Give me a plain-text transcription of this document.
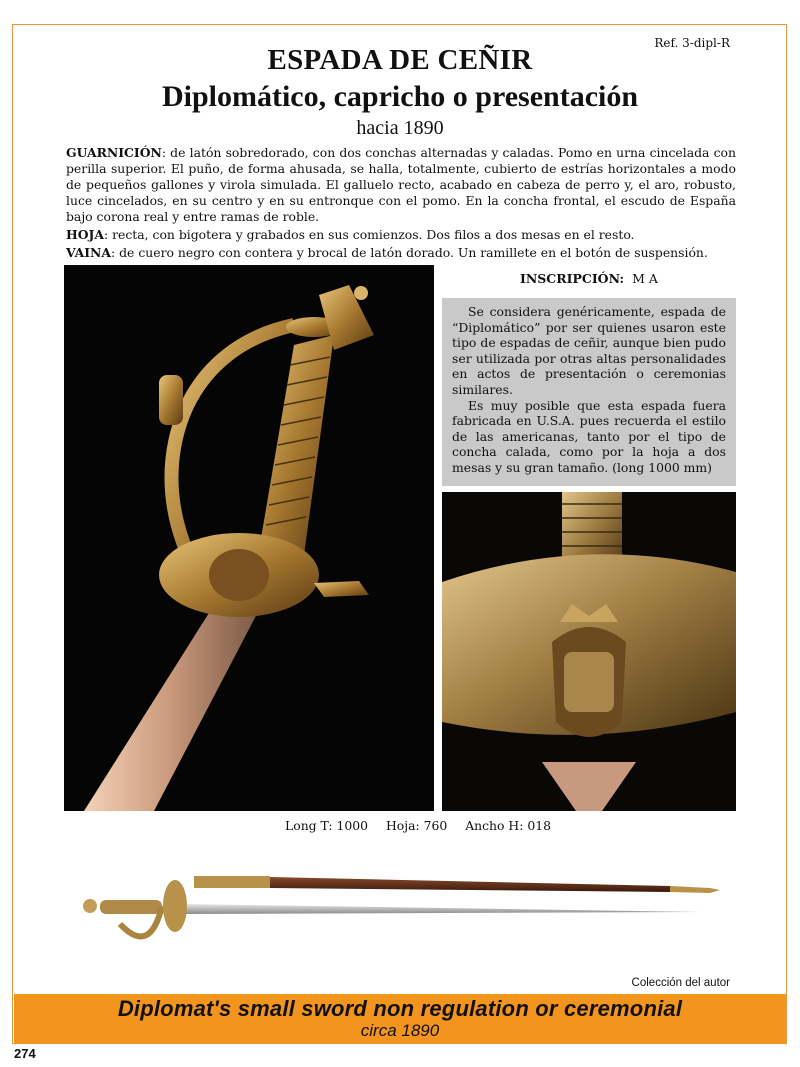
Ref. 3-dipl-R
ESPADA DE CEÑIR
Diplomático, capricho o presentación
hacia 1890

GUARNICIÓN: de latón sobredorado, con dos conchas alternadas y caladas. Pomo en urna cincelada con perilla superior. El puño, de forma ahusada, se halla, totalmente, cubierto de estrías horizontales a modo de pequeños gallones y virola simulada. El galluelo recto, acabado en cabeza de perro y, el aro, robusto, luce cincelados, en su centro y en su entronque con el pomo. En la concha frontal, el escudo de España bajo corona real y entre ramas de roble.

HOJA: recta, con bigotera y grabados en sus comienzos. Dos filos a dos mesas en el resto.

VAINA: de cuero negro con contera y brocal de latón dorado. Un ramillete en el botón de suspensión.

INSCRIPCIÓN: M A

Se considera genéricamente, espada de “Diplomático” por ser quienes usaron este tipo de espadas de ceñir, aunque bien pudo ser utilizada por otras altas personalidades en actos de presentación o ceremonias similares.

Es muy posible que esta espada fuera fabricada en U.S.A. pues recuerda el estilo de las americanas, tanto por el tipo de concha calada, como por la hoja a dos mesas y su gran tamaño. (long 1000 mm)

Long T: 1000 Hoja: 760 Ancho H: 018
Colección del autor
Diplomat's small sword non regulation or ceremonial
circa 1890
274
